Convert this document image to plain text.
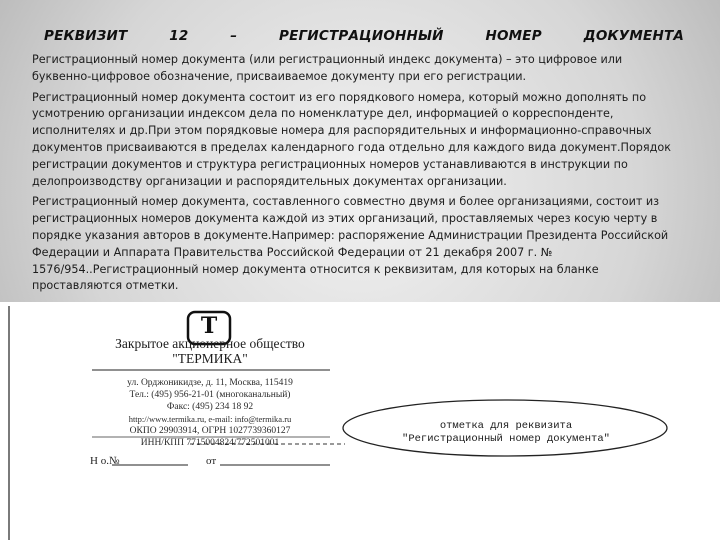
РЕКВИЗИТ	12	–	РЕГИСТРАЦИОННЫЙ	НОМЕР	ДОКУМЕНТА

Регистрационный номер документа (или регистрационный индекс документа) – это цифровое или буквенно-цифровое обозначение, присваиваемое документу при его регистрации.

Регистрационный номер документа состоит из его порядкового номера, который можно дополнять по усмотрению организации индексом дела по номенклатуре дел, информацией о корреспонденте, исполнителях и др.При этом порядковые номера для распорядительных и информационно-справочных документов присваиваются в пределах календарного года отдельно для каждого вида документ.Порядок регистрации документов и структура регистрационных номеров устанавливаются в инструкции по делопроизводству организации и распорядительных документах организации.

Регистрационный номер документа, составленного совместно двумя и более организациями, состоит из регистрационных номеров документа каждой из этих организаций, проставляемых через косую черту в порядке указания авторов в документе.Например: распоряжение Администрации Президента Российской Федерации и Аппарата Правительства Российской Федерации от 21 декабря 2007 г. № 1576/954..Регистрационный номер документа относится к реквизитам, для которых на бланке проставляются отметки.

Т
Закрытое акционерное общество
"ТЕРМИКА"
ул. Орджоникидзе, д. 11, Москва, 115419
Тел.: (495) 956-21-01 (многоканальный)
Факс: (495) 234 18 92
http://www.termika.ru, e-mail: info@termika.ru
ОКПО 29903914, ОГРН 1027739360127
ИНН/КПП 7715004824/772501001
Н о.№	от
отметка для реквизита
"Регистрационный номер документа"
